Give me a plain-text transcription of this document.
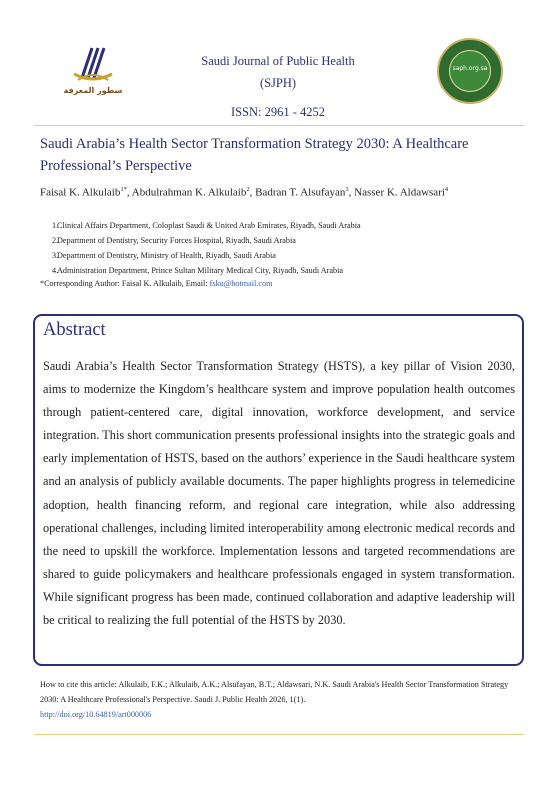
سطور المعرفة
Saudi Journal of Public Health
(SJPH)
ISSN: 2961 - 4252
saph.org.sa
Saudi Arabia’s Health Sector Transformation Strategy 2030: A Healthcare Professional’s Perspective
Faisal K. Alkulaib$^{1*}$, Abdulrahman K. Alkulaib$^2$, Badran T. Alsufayan$^3$, Nasser K. Aldawsari$^4$
1.Clinical Affairs Department, Coloplast Saudi & United Arab Emirates, Riyadh, Saudi Arabia
2.Department of Dentistry, Security Forces Hospital, Riyadh, Saudi Arabia
3.Department of Dentistry, Ministry of Health, Riyadh, Saudi Arabia
4.Administration Department, Prince Sultan Military Medical City, Riyadh, Saudi Arabia
*Corresponding Author: Faisal K. Alkulaib, Email: fsku@hotmail.com
Abstract
Saudi Arabia’s Health Sector Transformation Strategy (HSTS), a key pillar of Vision 2030, aims to modernize the Kingdom’s healthcare system and improve population health outcomes through patient-centered care, digital innovation, workforce development, and service integration. This short communication presents professional insights into the strategic goals and early implementation of HSTS, based on the authors’ experience in the Saudi healthcare system and an analysis of publicly available documents. The paper highlights progress in telemedicine adoption, health financing reform, and regional care integration, while also addressing operational challenges, including limited interoperability among electronic medical records and the need to upskill the workforce. Implementation lessons and targeted recommendations are shared to guide policymakers and healthcare professionals engaged in system transformation. While significant progress has been made, continued collaboration and adaptive leadership will be critical to realizing the full potential of the HSTS by 2030.
How to cite this article: Alkulaib, F.K.; Alkulaib, A.K.; Alsufayan, B.T.; Aldawsari, N.K. Saudi Arabia's Health Sector Transformation Strategy 2030: A Healthcare Professional's Perspective. Saudi J. Public Health 2026, 1(1).
http://doi.org/10.64819/art000006
